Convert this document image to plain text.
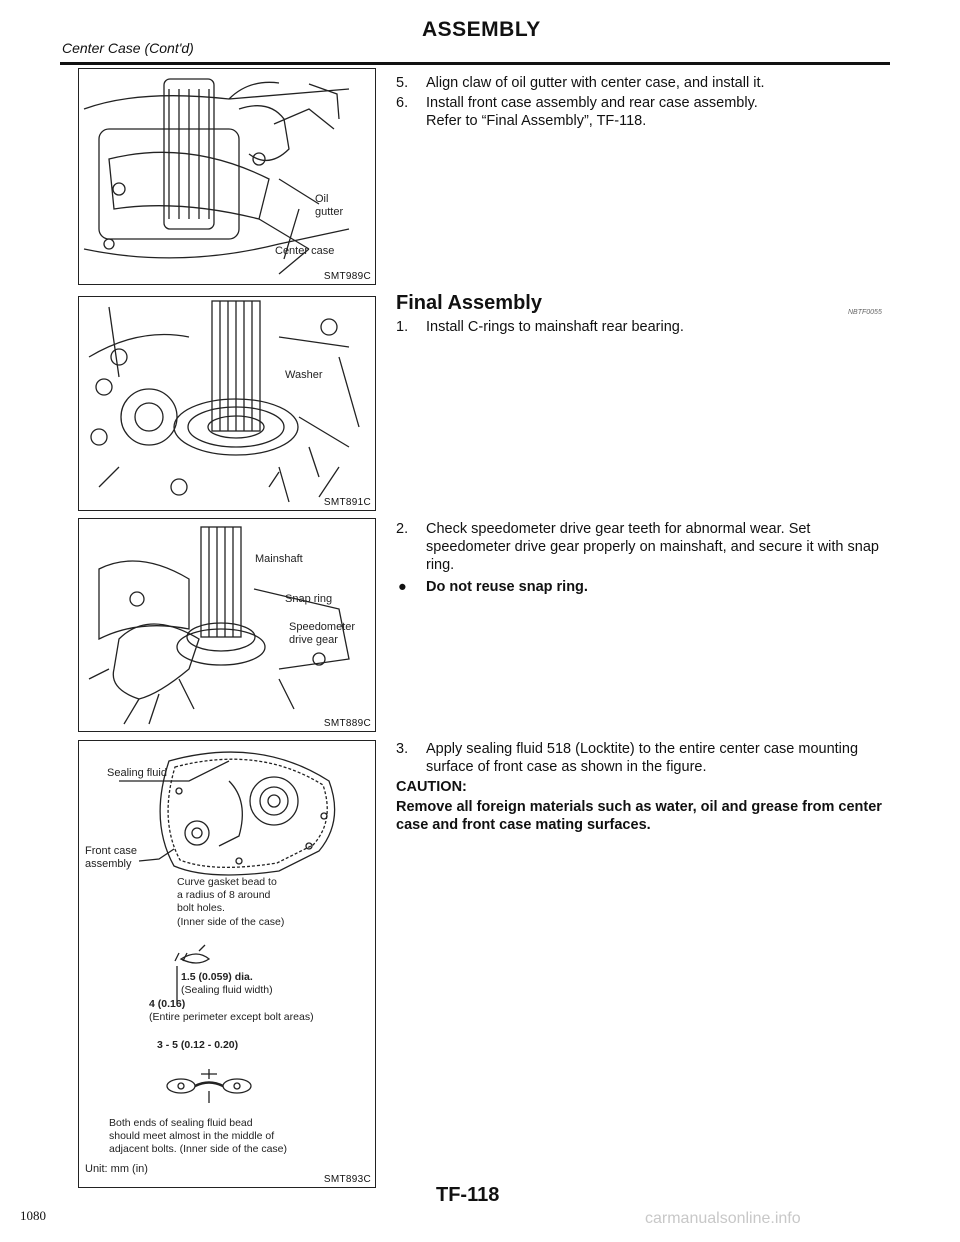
Center Case (Cont'd)
ASSEMBLY
Oil
gutter
Center case
SMT989C
Washer
SMT891C
Mainshaft
Snap ring
Speedometer
drive gear
SMT889C
Sealing fluid
Front case
assembly
Curve gasket bead to
a radius of 8 around
bolt holes.
(Inner side of the case)
1.5 (0.059) dia.
(Sealing fluid width)
4 (0.16)
(Entire perimeter except bolt areas)
3 - 5 (0.12 - 0.20)
Both ends of sealing fluid bead
should meet almost in the middle of
adjacent bolts. (Inner side of the case)
Unit: mm (in)
SMT893C
5. Align claw of oil gutter with center case, and install it.
6. Install front case assembly and rear case assembly.
Refer to “Final Assembly”, TF-118.
Final Assembly	NBTF0055
1. Install C-rings to mainshaft rear bearing.
2. Check speedometer drive gear teeth for abnormal wear. Set speedometer drive gear properly on mainshaft, and secure it with snap ring.
● Do not reuse snap ring.
3. Apply sealing fluid 518 (Locktite) to the entire center case mounting surface of front case as shown in the figure.
CAUTION:
Remove all foreign materials such as water, oil and grease from center case and front case mating surfaces.
TF-118
1080	carmanualsonline.info
